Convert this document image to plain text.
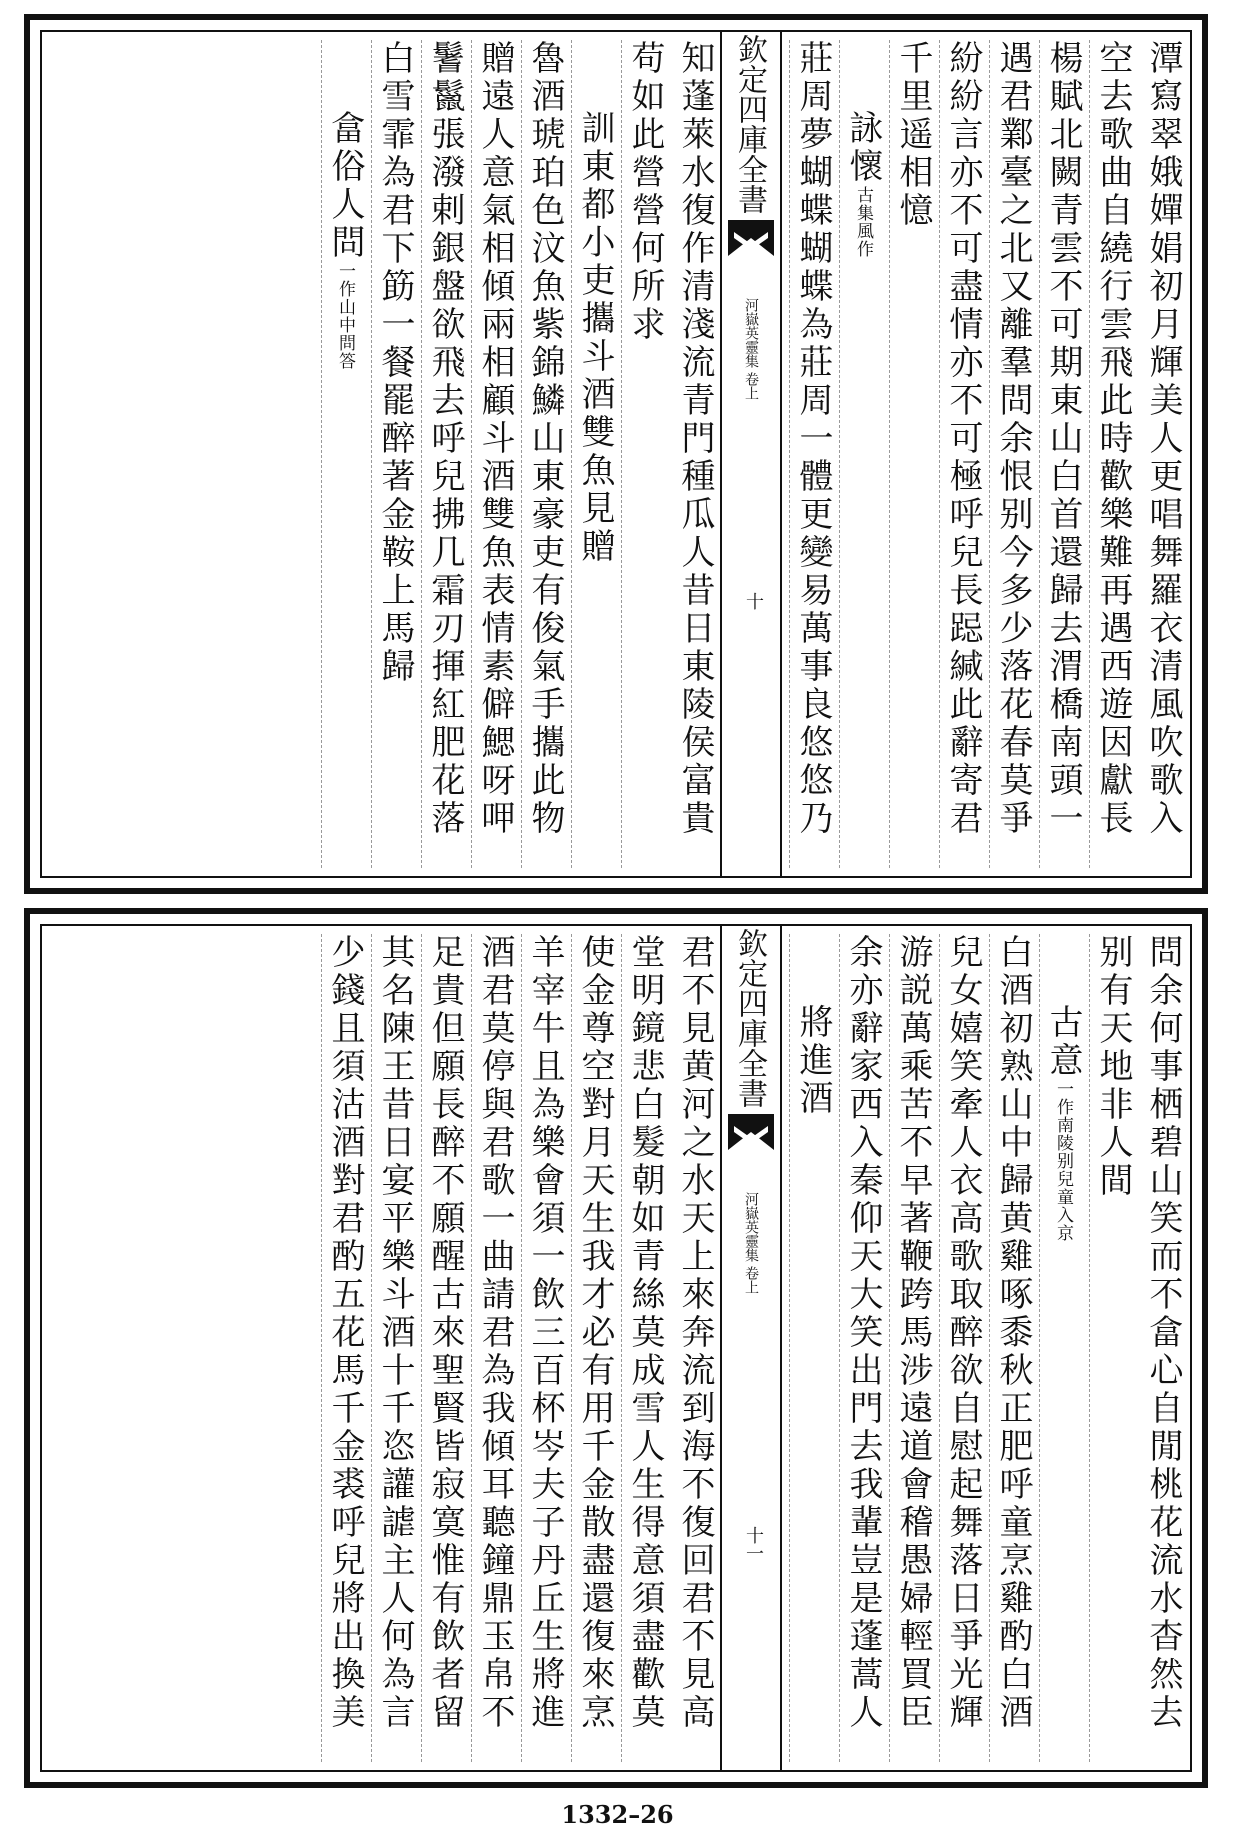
潭寫翠娥嬋娟初月輝美人更唱舞羅衣清風吹歌入
空去歌曲自繞行雲飛此時歡樂難再遇西遊因獻長
楊賦北闕青雲不可期東山白首還歸去渭橋南頭一
遇君鄴臺之北又離羣問余恨别今多少落花春莫爭
紛紛言亦不可盡情亦不可極呼兒長跽緘此辭寄君
千里遥相憶
詠懷古集風作
莊周夢蝴蝶蝴蝶為莊周一體更變易萬事良悠悠乃
欽定四庫全書
河嶽英靈集
卷上
十
知蓬萊水復作清淺流青門種瓜人昔日東陵侯富貴
苟如此營營何所求
訓東都小吏攜斗酒雙魚見贈
魯酒琥珀色汶魚紫錦鱗山東豪吏有俊氣手攜此物
贈遠人意氣相傾兩相顧斗酒雙魚表情素僻鰓呀呷
鬐鬣張潑剌銀盤欲飛去呼兒拂几霜刃揮紅肥花落
白雪霏為君下筯一餐罷醉著金鞍上馬歸
畣俗人問一作山中問答
問余何事栖碧山笑而不畣心自閒桃花流水杳然去
别有天地非人間
古意一作南陵别兒童入京
白酒初熟山中歸黄雞啄黍秋正肥呼童烹雞酌白酒
兒女嬉笑牽人衣高歌取醉欲自慰起舞落日爭光輝
游説萬乘苦不早著鞭跨馬涉遠道會稽愚婦輕買臣
余亦辭家西入秦仰天大笑出門去我輩豈是蓬蒿人
將進酒
欽定四庫全書
河嶽英靈集
卷上
十一
君不見黄河之水天上來奔流到海不復回君不見高
堂明鏡悲白髮朝如青絲莫成雪人生得意須盡歡莫
使金尊空對月天生我才必有用千金散盡還復來烹
羊宰牛且為樂會須一飲三百杯岑夫子丹丘生將進
酒君莫停與君歌一曲請君為我傾耳聽鐘鼎玉帛不
足貴但願長醉不願醒古來聖賢皆寂寞惟有飲者留
其名陳王昔日宴平樂斗酒十千恣讙謔主人何為言
少錢且須沽酒對君酌五花馬千金裘呼兒將出換美
1332–26
